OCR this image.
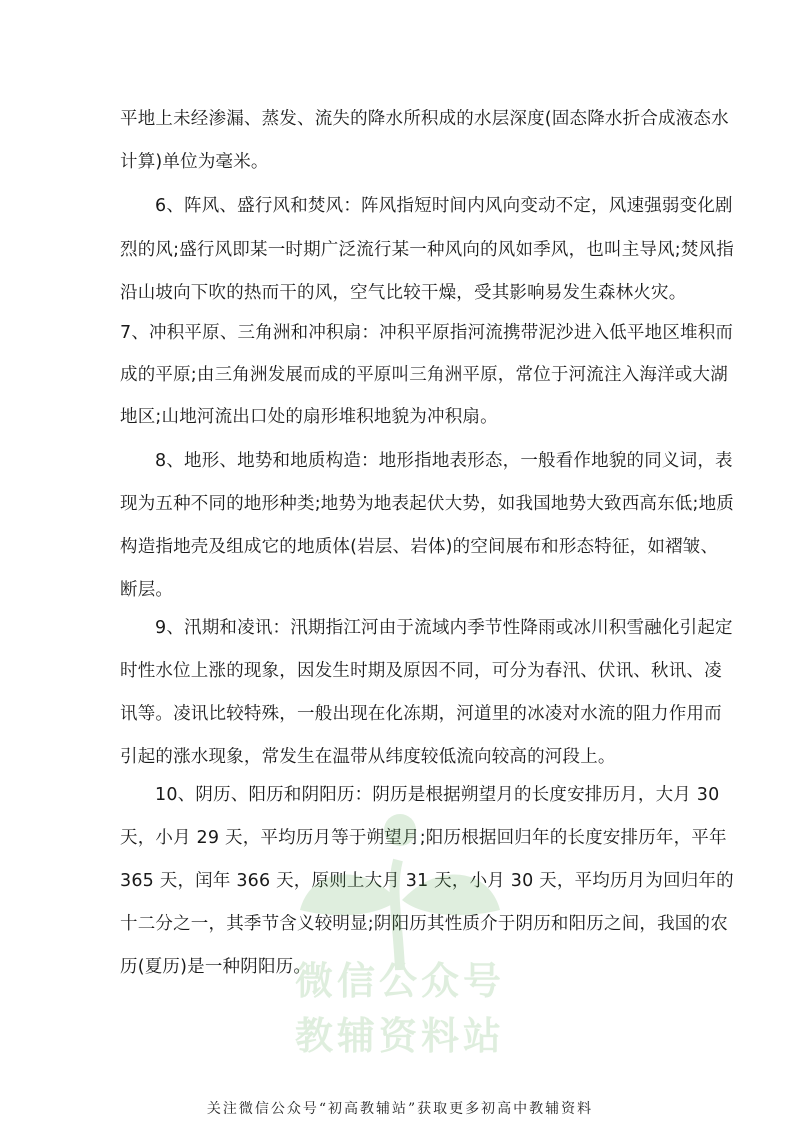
平地上未经渗漏、蒸发、流失的降水所积成的水层深度(固态降水折合成液态水
计算)单位为毫米。
6、阵风、盛行风和焚风：阵风指短时间内风向变动不定，风速强弱变化剧
烈的风;盛行风即某一时期广泛流行某一种风向的风如季风，也叫主导风;焚风指
沿山坡向下吹的热而干的风，空气比较干燥，受其影响易发生森林火灾。
7、冲积平原、三角洲和冲积扇：冲积平原指河流携带泥沙进入低平地区堆积而
成的平原;由三角洲发展而成的平原叫三角洲平原，常位于河流注入海洋或大湖
地区;山地河流出口处的扇形堆积地貌为冲积扇。
8、地形、地势和地质构造：地形指地表形态，一般看作地貌的同义词，表
现为五种不同的地形种类;地势为地表起伏大势，如我国地势大致西高东低;地质
构造指地壳及组成它的地质体(岩层、岩体)的空间展布和形态特征，如褶皱、
断层。
9、汛期和凌讯：汛期指江河由于流域内季节性降雨或冰川积雪融化引起定
时性水位上涨的现象，因发生时期及原因不同，可分为春汛、伏讯、秋讯、凌
讯等。凌讯比较特殊，一般出现在化冻期，河道里的冰凌对水流的阻力作用而
引起的涨水现象，常发生在温带从纬度较低流向较高的河段上。
10、阴历、阳历和阴阳历：阴历是根据朔望月的长度安排历月，大月 30
天，小月 29 天，平均历月等于朔望月;阳历根据回归年的长度安排历年，平年
365 天，闰年 366 天，原则上大月 31 天，小月 30 天，平均历月为回归年的
十二分之一，其季节含义较明显;阴阳历其性质介于阴历和阳历之间，我国的农
历(夏历)是一种阴阳历。
微信公众号
教辅资料站
关注微信公众号“初高教辅站”获取更多初高中教辅资料
